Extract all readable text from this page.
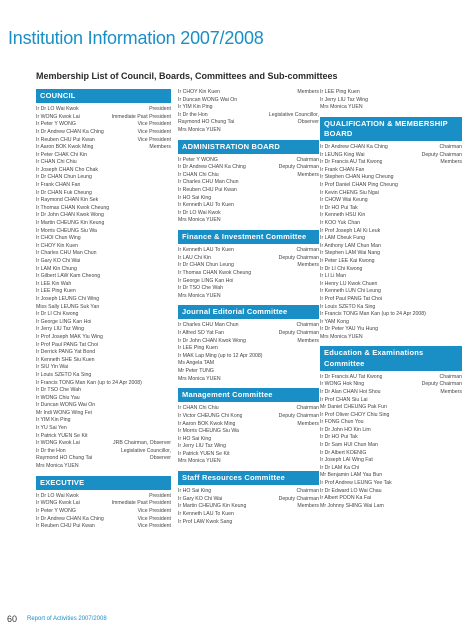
Institution Information 2007/2008
Membership List of Council, Boards, Committees and Sub-committees
COUNCIL
Ir Dr LO Wai Kwok	President
Ir WONG Kwok Lai	Immediate Past President
Ir Peter Y WONG	Vice President
Ir Dr Andrew CHAN Ka Ching	Vice President
Ir Reuben CHU Pui Kwan	Vice President
Ir Aaron BOK Kwok Ming	Members
Ir Peter CHAK Chi Kin
Ir CHAN Chi Chiu
Ir Joseph CHAN Cho Chak
Ir Dr CHAN Chun Leung
Ir Frank CHAN Fan
Ir Dr CHAN Fuk Cheung
Ir Raymond CHAN Kin Sek
Ir Thomas CHAN Kwok Cheung
Ir Dr John CHAN Kwok Wong
Ir Martin CHEUNG Kin Keung
Ir Morris CHEUNG Siu Wa
Ir CHOI Chun Wing
Ir CHOY Kin Kuen
Ir Charles CHU Man Chun
Ir Gary KO Chi Wai
Ir LAM Kin Chung
Ir Gilbert LAW Kam Cheong
Ir LEE Kin Wah
Ir LEE Ping Kuen
Ir Joseph LEUNG Chi Wing
Miss Sally LEUNG Suk Yan
Ir Dr LI Chi Kwong
Ir George LING Kan Hoi
Ir Jerry LIU Tsz Wing
Ir Prof Joseph MAK Yiu Wing
Ir Prof Paul PANG Tat Choi
Ir Derrick PANG Yat Bond
Ir Kenneth SHE Siu Kuen
Ir SIU Yin Wai
Ir Louis SZETO Ka Sing
Ir Francis TONG Man Kan (up to 24 Apr 2008)
Ir Dr TSO Che Wah
Ir WONG Chiu Yau
Ir Duncan WONG Wai On
Mr Indi WONG Wing Fei
Ir YIM Kin Ping
Ir YU Sai Yen
Ir Patrick YUEN Se Kit
Ir WONG Kwok Lai	JRB Chairman, Observer
Ir Dr the Hon	Legislative Councillor,
Raymond HO Chung Tai	Observer
Mrs Monica YUEN
EXECUTIVE
Ir Dr LO Wai Kwok	President
Ir WONG Kwok Lai	Immediate Past President
Ir Peter Y WONG	Vice President
Ir Dr Andrew CHAN Ka Ching	Vice President
Ir Reuben CHU Pui Kwan	Vice President
Ir CHOY Kin Kuen	Members
Ir Duncan WONG Wai On
Ir YIM Kin Ping
Ir Dr the Hon	Legislative Councillor,
Raymond HO Chung Tai	Observer
Mrs Monica YUEN
ADMINISTRATION BOARD
Ir Peter Y WONG	Chairman
Ir Dr Andrew CHAN Ka Ching	Deputy Chairman
Ir CHAN Chi Chiu	Members
Ir Charles CHU Man Chun
Ir Reuben CHU Pui Kwan
Ir HO Sai King
Ir Kenneth LAU To Kuen
Ir Dr LO Wai Kwok
Mrs Monica YUEN
Finance & Investment Committee
Ir Kenneth LAU To Kuen	Chairman
Ir LAU Chi Kin	Deputy Chairman
Ir Dr CHAN Chun Leung	Members
Ir Thomas CHAN Kwok Cheung
Ir George LING Kan Hoi
Ir Dr TSO Che Wah
Mrs Monica YUEN
Journal Editorial Committee
Ir Charles CHU Man Chun	Chairman
Ir Alfred SO Yat Fan	Deputy Chairman
Ir Dr John CHAN Kwok Wong	Members
Ir LEE Ping Kuen
Ir MAK Lap Ming (up to 12 Apr 2008)
Ms Angela TAM
Mr Peter TUNG
Mrs Monica YUEN
Management Committee
Ir CHAN Chi Chiu	Chairman
Ir Victor CHEUNG Chi Kong	Deputy Chairman
Ir Aaron BOK Kwok Ming	Members
Ir Morris CHEUNG Siu Wa
Ir HO Sai King
Ir Jerry LIU Tsz Wing
Ir Patrick YUEN Se Kit
Mrs Monica YUEN
Staff Resources Committee
Ir HO Sai King	Chairman
Ir Gary KO Chi Wai	Deputy Chairman
Ir Martin CHEUNG Kin Keung	Members
Ir Kenneth LAU To Kuen
Ir Prof LAW Kwok Sang
Ir LEE Ping Kuen
Ir Jerry LIU Tsz Wing
Mrs Monica YUEN
QUALIFICATION & MEMBERSHIP BOARD
Ir Dr Andrew CHAN Ka Ching	Chairman
Ir LEUNG King Wai	Deputy Chairman
Ir Dr Francis AU Tat Kwong	Members
Ir Frank CHAN Fan
Ir Stephen CHAN Hung Cheung
Ir Prof Daniel CHAN Ping Cheung
Ir Kevin CHENG Siu Ngai
Ir CHOW Wai Keung
Ir Dr HO Pui Tak
Ir Kenneth HSU Kin
Ir KOO Yuk Chan
Ir Prof Joseph LAI Ki Leuk
Ir LAM Cheuk Fung
Ir Anthony LAM Chun Man
Ir Stephen LAM Wai Nang
Ir Peter LEE Kai Kwong
Ir Dr LI Chi Kwong
Ir LI Li Man
Ir Henry LU Kwok Chuen
Ir Kenneth LUN Chi Leung
Ir Prof Paul PANG Tat Choi
Ir Louis SZETO Ka Sing
Ir Francis TONG Man Kan (up to 24 Apr 2008)
Ir YAM Kong
Ir Dr Peter YAU Yiu Hung
Mrs Monica YUEN
Education & Examinations Committee
Ir Dr Francis AU Tat Kwong	Chairman
Ir WONG Hok Ning	Deputy Chairman
Ir Dr Alan CHAN Hoi Shou	Members
Ir Prof CHAN Siu Lai
Mr Daniel CHEUNG Pak Fun
Ir Prof Oliver CHOY Chiu Sing
Ir FONG Chun You
Ir Dr John HO Kin Lim
Ir Dr HO Pui Tak
Ir Dr Sam HUI Chun Man
Ir Dr Albert KOENIG
Ir Joseph LAI Wing Fat
Ir Dr LAM Ka Chi
Mr Benjamin LAM Yau Bun
Ir Prof Andrew LEUNG Yee Tak
Ir Dr Edward LO Wai Chau
Ir Albert POON Ka Fai
Mr Johnny SHING Wai Lam
60 Report of Activities 2007/2008
